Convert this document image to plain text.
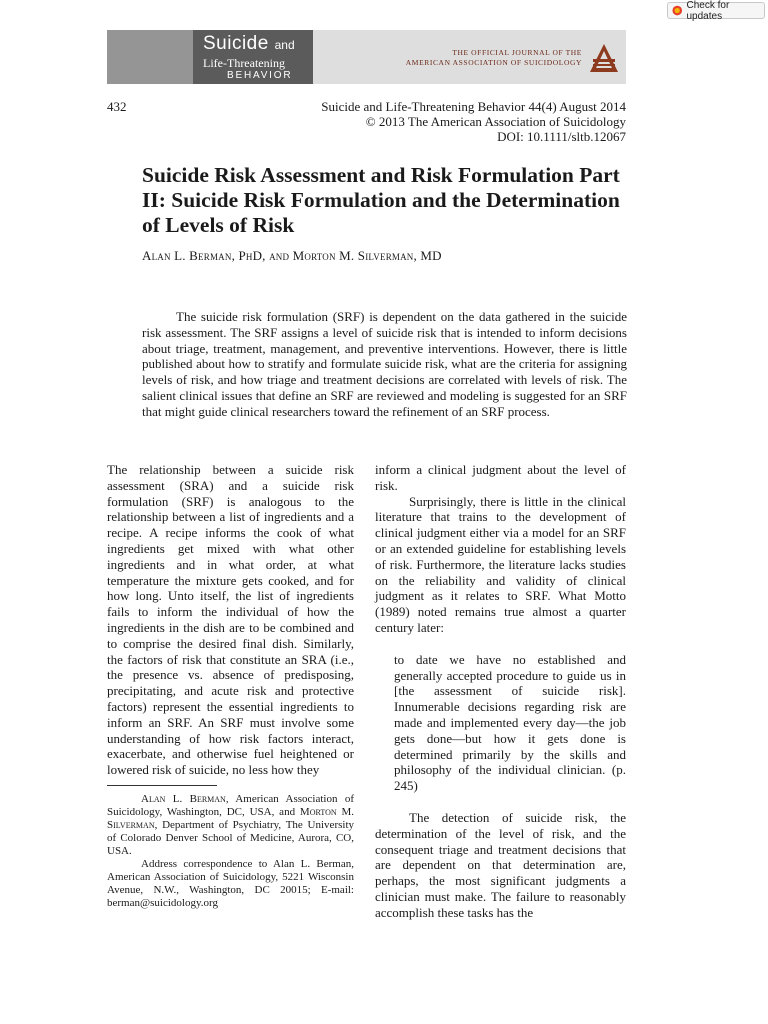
Check for updates
Suicide and
Life-Threatening
BEHAVIOR
THE OFFICIAL JOURNAL OF THE
AMERICAN ASSOCIATION OF SUICIDOLOGY
432	Suicide and Life-Threatening Behavior 44(4) August 2014
© 2013 The American Association of Suicidology
DOI: 10.1111/sltb.12067
Suicide Risk Assessment and Risk Formulation Part II: Suicide Risk Formulation and the Determination of Levels of Risk
Alan L. Berman, PhD, and Morton M. Silverman, MD
The suicide risk formulation (SRF) is dependent on the data gathered in the suicide risk assessment. The SRF assigns a level of suicide risk that is intended to inform decisions about triage, treatment, management, and preventive interventions. However, there is little published about how to stratify and formulate suicide risk, what are the criteria for assigning levels of risk, and how triage and treatment decisions are correlated with levels of risk. The salient clinical issues that define an SRF are reviewed and modeling is suggested for an SRF that might guide clinical researchers toward the refinement of an SRF process.

The relationship between a suicide risk assessment (SRA) and a suicide risk formulation (SRF) is analogous to the relationship between a list of ingredients and a recipe. A recipe informs the cook of what ingredients get mixed with what other ingredients and in what order, at what temperature the mixture gets cooked, and for how long. Unto itself, the list of ingredients fails to inform the individual of how the ingredients in the dish are to be combined and to comprise the desired final dish. Similarly, the factors of risk that constitute an SRA (i.e., the presence vs. absence of predisposing, precipitating, and acute risk and protective factors) represent the essential ingredients to inform an SRF. An SRF must involve some understanding of how risk factors interact, exacerbate, and otherwise fuel heightened or lowered risk of suicide, no less how they

inform a clinical judgment about the level of risk.

Surprisingly, there is little in the clinical literature that trains to the development of clinical judgment either via a model for an SRF or an extended guideline for establishing levels of risk. Furthermore, the literature lacks studies on the reliability and validity of clinical judgment as it relates to SRF. What Motto (1989) noted remains true almost a quarter century later:

to date we have no established and generally accepted procedure to guide us in [the assessment of suicide risk]. Innumerable decisions regarding risk are made and implemented every day—the job gets done—but how it gets done is determined primarily by the skills and philosophy of the individual clinician. (p. 245)

The detection of suicide risk, the determination of the level of risk, and the consequent triage and treatment decisions that are dependent on that determination are, perhaps, the most significant judgments a clinician must make. The failure to reasonably accomplish these tasks has the

Alan L. Berman, American Association of Suicidology, Washington, DC, USA, and Morton M. Silverman, Department of Psychiatry, The University of Colorado Denver School of Medicine, Aurora, CO, USA.

Address correspondence to Alan L. Berman, American Association of Suicidology, 5221 Wisconsin Avenue, N.W., Washington, DC 20015; E-mail: berman@suicidology.org
